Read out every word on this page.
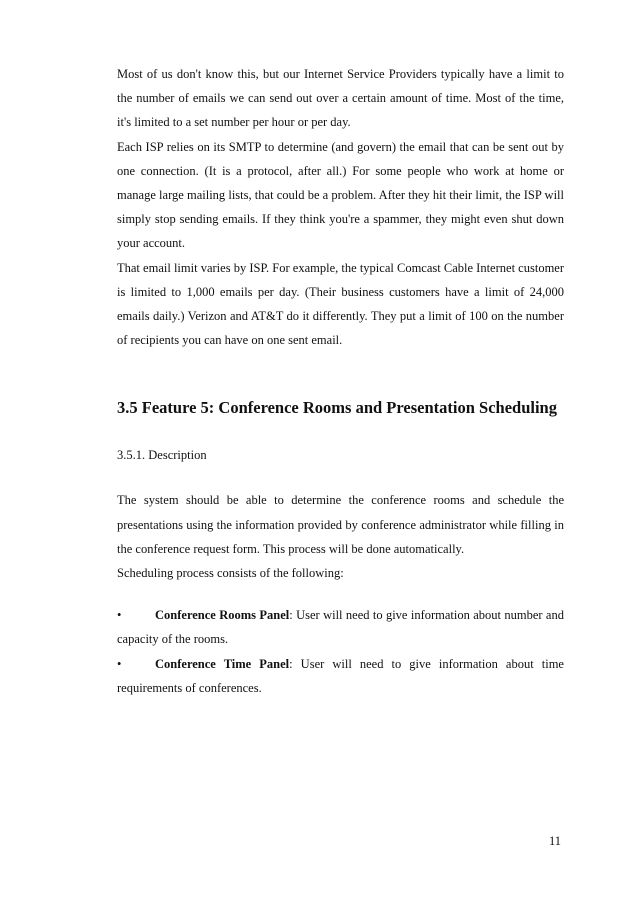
Most of us don't know this, but our Internet Service Providers typically have a limit to the number of emails we can send out over a certain amount of time. Most of the time, it's limited to a set number per hour or per day.

Each ISP relies on its SMTP to determine (and govern) the email that can be sent out by one connection. (It is a protocol, after all.) For some people who work at home or manage large mailing lists, that could be a problem. After they hit their limit, the ISP will simply stop sending emails. If they think you're a spammer, they might even shut down your account.

That email limit varies by ISP. For example, the typical Comcast Cable Internet customer is limited to 1,000 emails per day. (Their business customers have a limit of 24,000 emails daily.) Verizon and AT&T do it differently. They put a limit of 100 on the number of recipients you can have on one sent email.

3.5 Feature 5: Conference Rooms and Presentation Scheduling
3.5.1. Description

The system should be able to determine the conference rooms and schedule the presentations using the information provided by conference administrator while filling in the conference request form. This process will be done automatically.

Scheduling process consists of the following:

•	Conference Rooms Panel: User will need to give information about number and capacity of the rooms.

•	Conference Time Panel: User will need to give information about time requirements of conferences.

11
